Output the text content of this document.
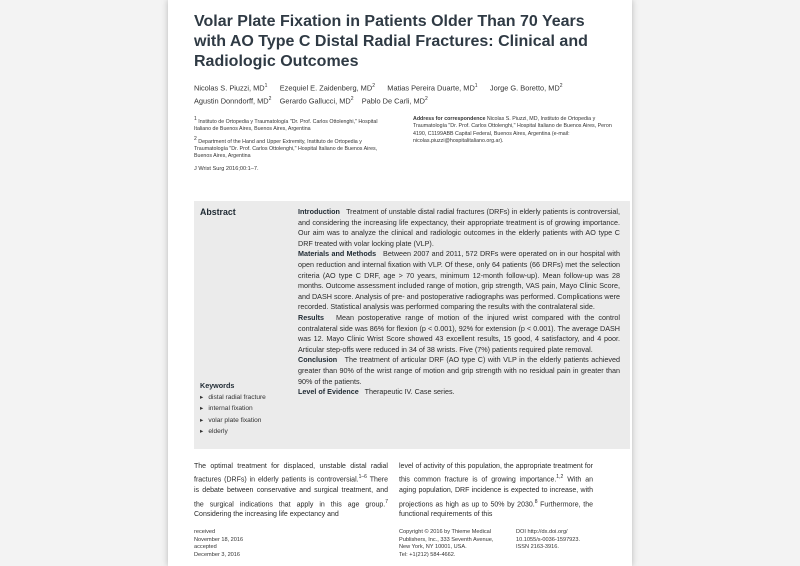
Volar Plate Fixation in Patients Older Than 70 Years with AO Type C Distal Radial Fractures: Clinical and Radiologic Outcomes
Nicolas S. Piuzzi, $MD^1$ Ezequiel E. Zaidenberg, $MD^2$ Matias Pereira Duarte, $MD^1$ Jorge G. Boretto, $MD^2$
Agustin Donndorff, $MD^2$ Gerardo Gallucci, $MD^2$ Pablo De Carli, $MD^2$

$^1$ Instituto de Ortopedia y Traumatología "Dr. Prof. Carlos Ottolenghi," Hospital Italiano de Buenos Aires, Buenos Aires, Argentina

$^2$ Department of the Hand and Upper Extremity, Instituto de Ortopedia y Traumatología "Dr. Prof. Carlos Ottolenghi," Hospital Italiano de Buenos Aires, Buenos Aires, Argentina

Address for correspondence Nicolas S. Piuzzi, MD, Instituto de Ortopedia y Traumatología "Dr. Prof. Carlos Ottolenghi," Hospital Italiano de Buenos Aires, Peron 4190, C1199ABB Capital Federal, Buenos Aires, Argentina (e-mail: nicolas.piuzzi@hospitalitaliano.org.ar).
J Wrist Surg 2016;00:1–7.
Abstract	Introduction Treatment of unstable distal radial fractures (DRFs) in elderly patients is controversial, and considering the increasing life expectancy, their appropriate treatment is of growing importance. Our aim was to analyze the clinical and radiologic outcomes in the elderly patients with AO type C DRF treated with volar locking plate (VLP).

Materials and Methods Between 2007 and 2011, 572 DRFs were operated on in our hospital with open reduction and internal fixation with VLP. Of these, only 64 patients (66 DRFs) met the selection criteria (AO type C DRF, age > 70 years, minimum 12-month follow-up). Mean follow-up was 28 months. Outcome assessment included range of motion, grip strength, VAS pain, Mayo Clinic Score, and DASH score. Analysis of pre- and postoperative radiographs was performed. Complications were recorded. Statistical analysis was performed comparing the results with the contralateral side.

Results Mean postoperative range of motion of the injured wrist compared with the control contralateral side was 86% for flexion (p < 0.001), 92% for extension (p < 0.001). The average DASH was 12. Mayo Clinic Wrist Score showed 43 excellent results, 15 good, 4 satisfactory, and 4 poor. Articular step-offs were reduced in 34 of 38 wrists. Five (7%) patients required plate removal.

Conclusion The treatment of articular DRF (AO type C) with VLP in the elderly patients achieved greater than 90% of the wrist range of motion and grip strength with no residual pain in greater than 90% of the patients.

Level of Evidence Therapeutic IV. Case series.

Keywords
▸ distal radial fracture
▸ internal fixation
▸ volar plate fixation
▸ elderly
The optimal treatment for displaced, unstable distal radial fractures (DRFs) in elderly patients is controversial.$^{1-6}$ There is debate between conservative and surgical treatment, and the surgical indications that apply in this age group.$^7$ Considering the increasing life expectancy and
level of activity of this population, the appropriate treatment for this common fracture is of growing importance.$^{1,2}$ With an aging population, DRF incidence is expected to increase, with projections as high as up to 50% by 2030.$^8$ Furthermore, the functional requirements of this
received
November 18, 2016
accepted
December 3, 2016
Copyright © 2016 by Thieme Medical
Publishers, Inc., 333 Seventh Avenue,
New York, NY 10001, USA.
Tel: +1(212) 584-4662.
DOI http://dx.doi.org/
10.1055/s-0036-1597923.
ISSN 2163-3916.
